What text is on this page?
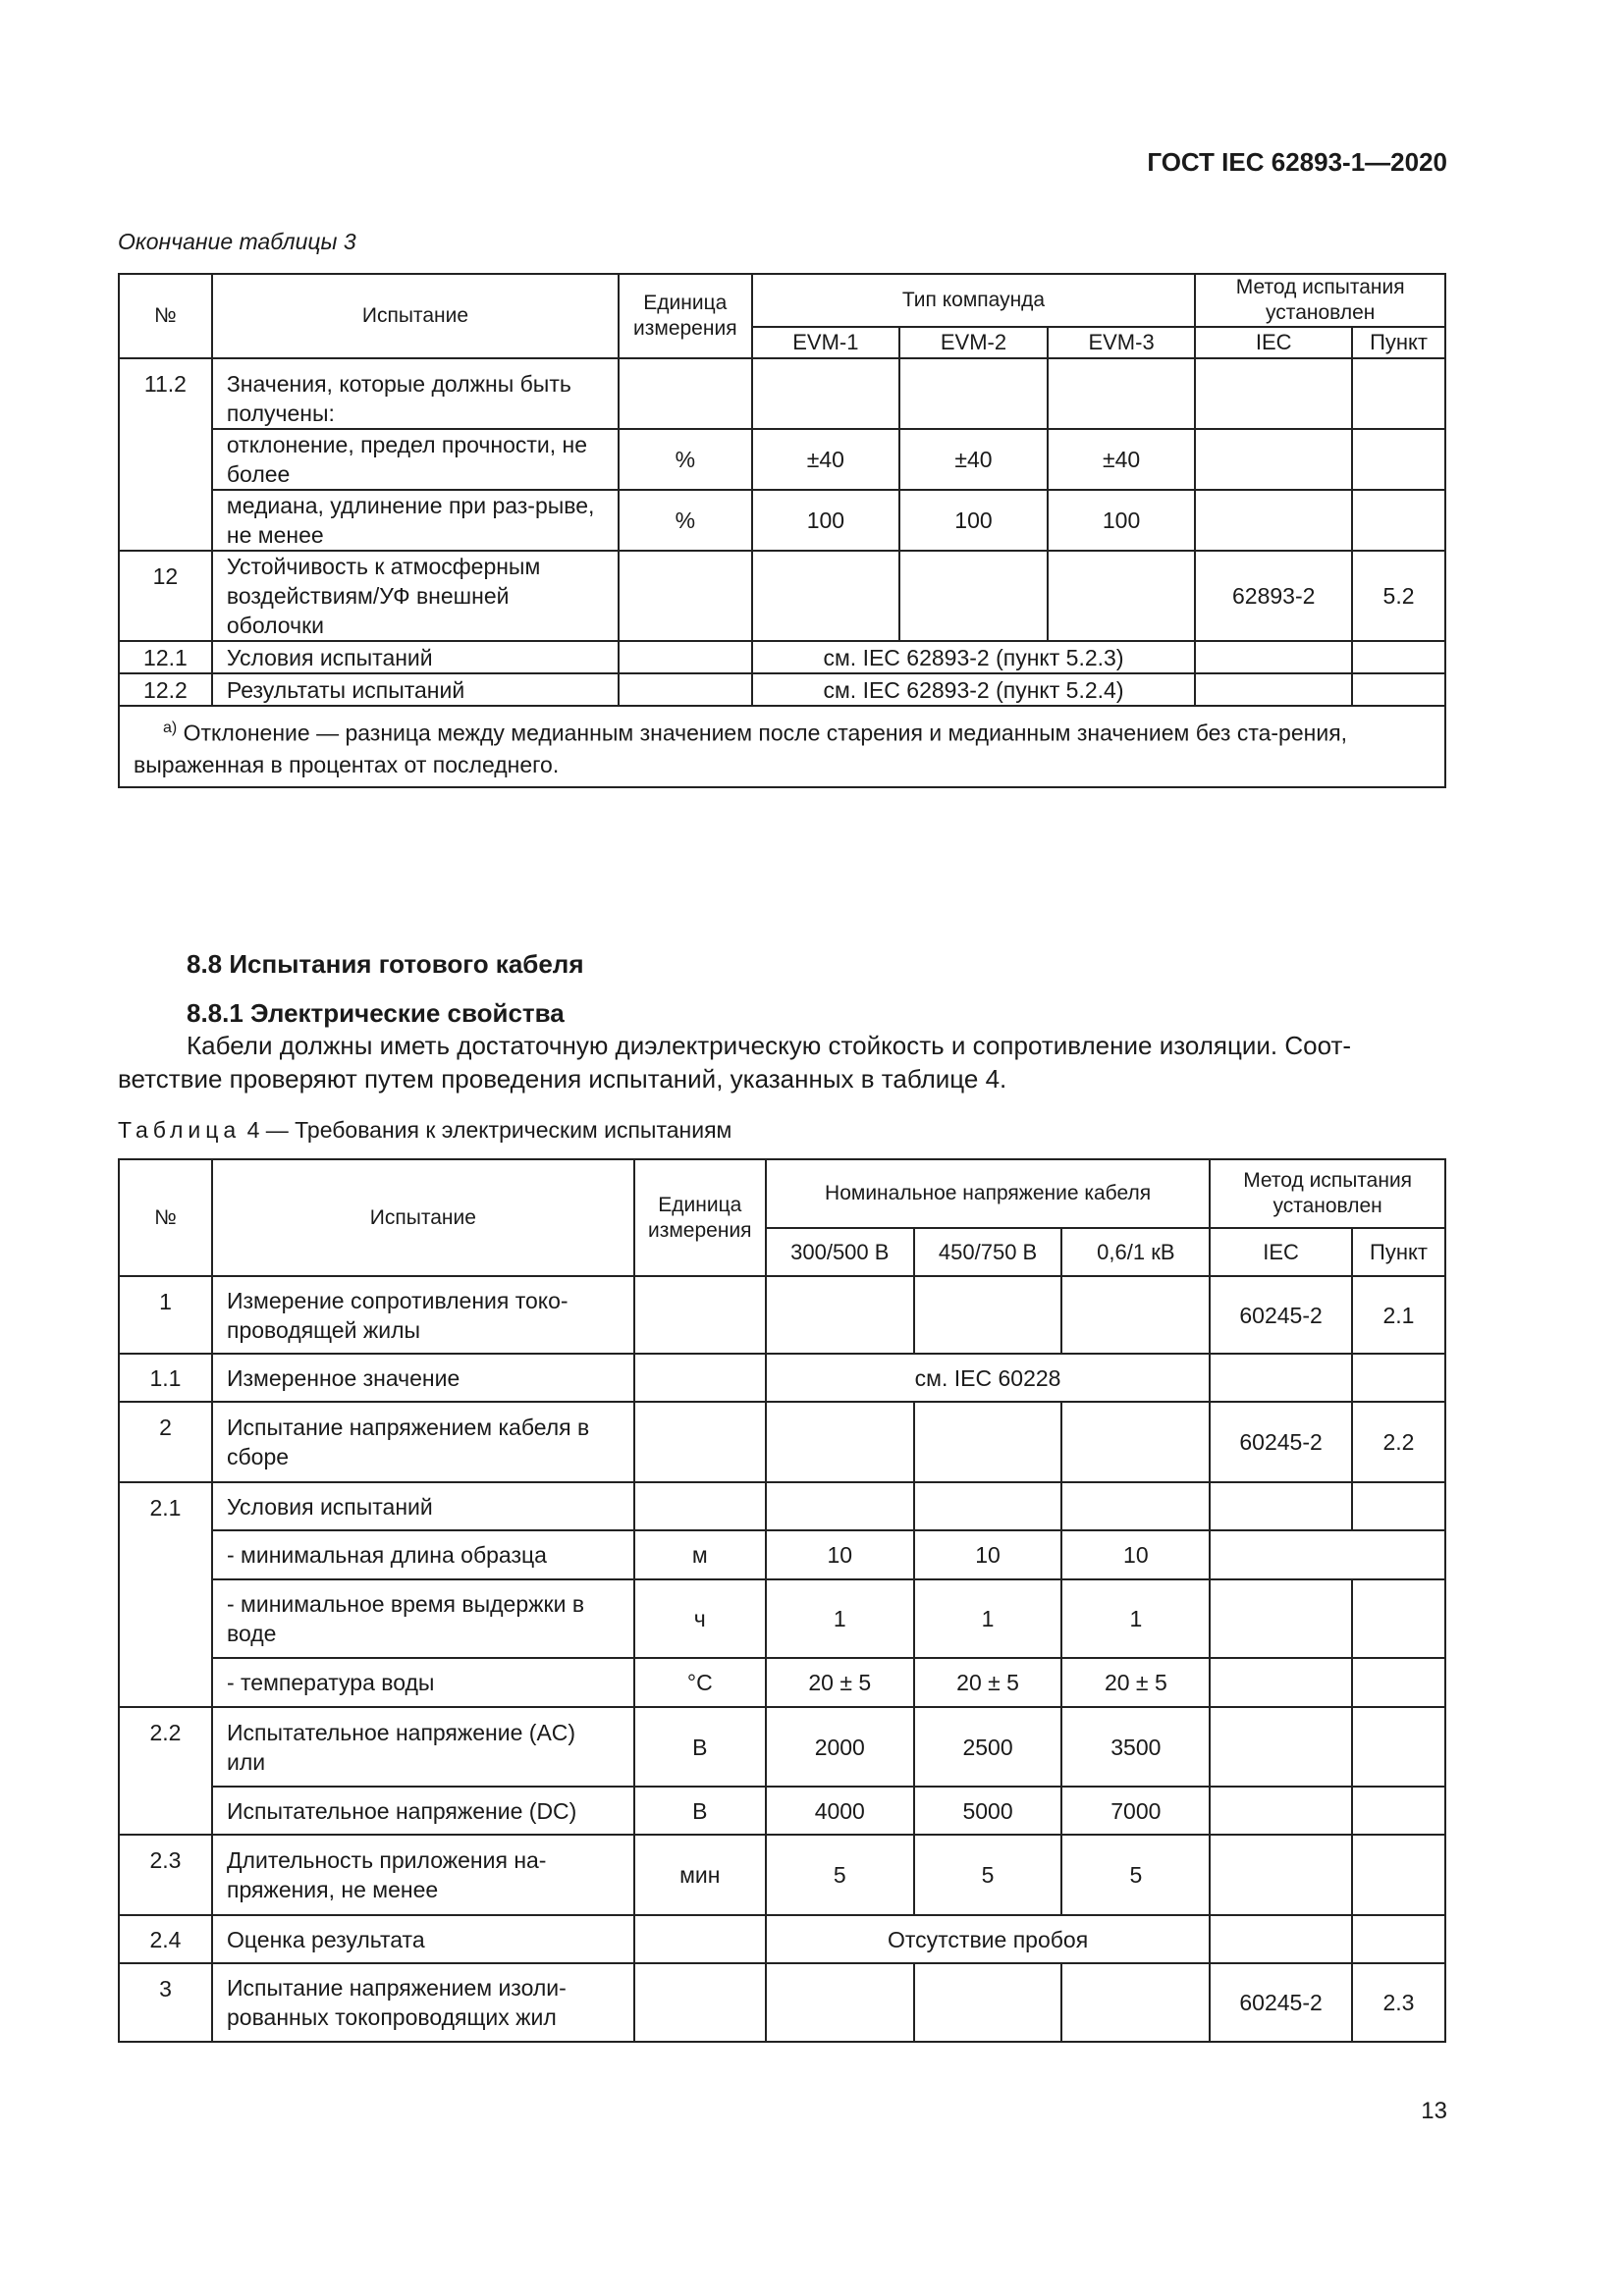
ГОСТ IEC 62893-1—2020
Окончание таблицы 3
№	Испытание	Единица измерения	Тип компаунда			Метод испытания установлен	
			EVM-1	EVM-2	EVM-3	IEC	Пункт
11.2	Значения, которые должны быть получены:						
	отклонение, предел прочности, не более	%	±40	±40	±40		
	медиана, удлинение при раз-рыве, не менее	%	100	100	100		
12	Устойчивость к атмосферным воздействиям/УФ внешней оболочки					62893-2	5.2
12.1	Условия испытаний		см. IEC 62893-2 (пункт 5.2.3)				
12.2	Результаты испытаний		см. IEC 62893-2 (пункт 5.2.4)				
$^{a)}$ Отклонение — разница между медианным значением после старения и медианным значением без ста-рения, выраженная в процентах от последнего.							
8.8 Испытания готового кабеля
8.8.1 Электрические свойства
Кабели должны иметь достаточную диэлектрическую стойкость и сопротивление изоляции. Соот-ветствие проверяют путем проведения испытаний, указанных в таблице 4.
Таблица 4 — Требования к электрическим испытаниям
№	Испытание	Единица измерения	Номинальное напряжение кабеля			Метод испытания установлен	
			300/500 В	450/750 В	0,6/1 кВ	IEC	Пункт
1	Измерение сопротивления токо-проводящей жилы					60245-2	2.1
1.1	Измеренное значение		см. IEC 60228				
2	Испытание напряжением кабеля в сборе					60245-2	2.2
2.1	Условия испытаний						
	- минимальная длина образца	м	10	10	10		
	- минимальное время выдержки в воде	ч	1	1	1		
	- температура воды	°С	20 ± 5	20 ± 5	20 ± 5		
2.2	Испытательное напряжение (AC) или	В	2000	2500	3500		
	Испытательное напряжение (DC)	В	4000	5000	7000		
2.3	Длительность приложения на-пряжения, не менее	мин	5	5	5		
2.4	Оценка результата		Отсутствие пробоя				
3	Испытание напряжением изоли-рованных токопроводящих жил					60245-2	2.3
13
